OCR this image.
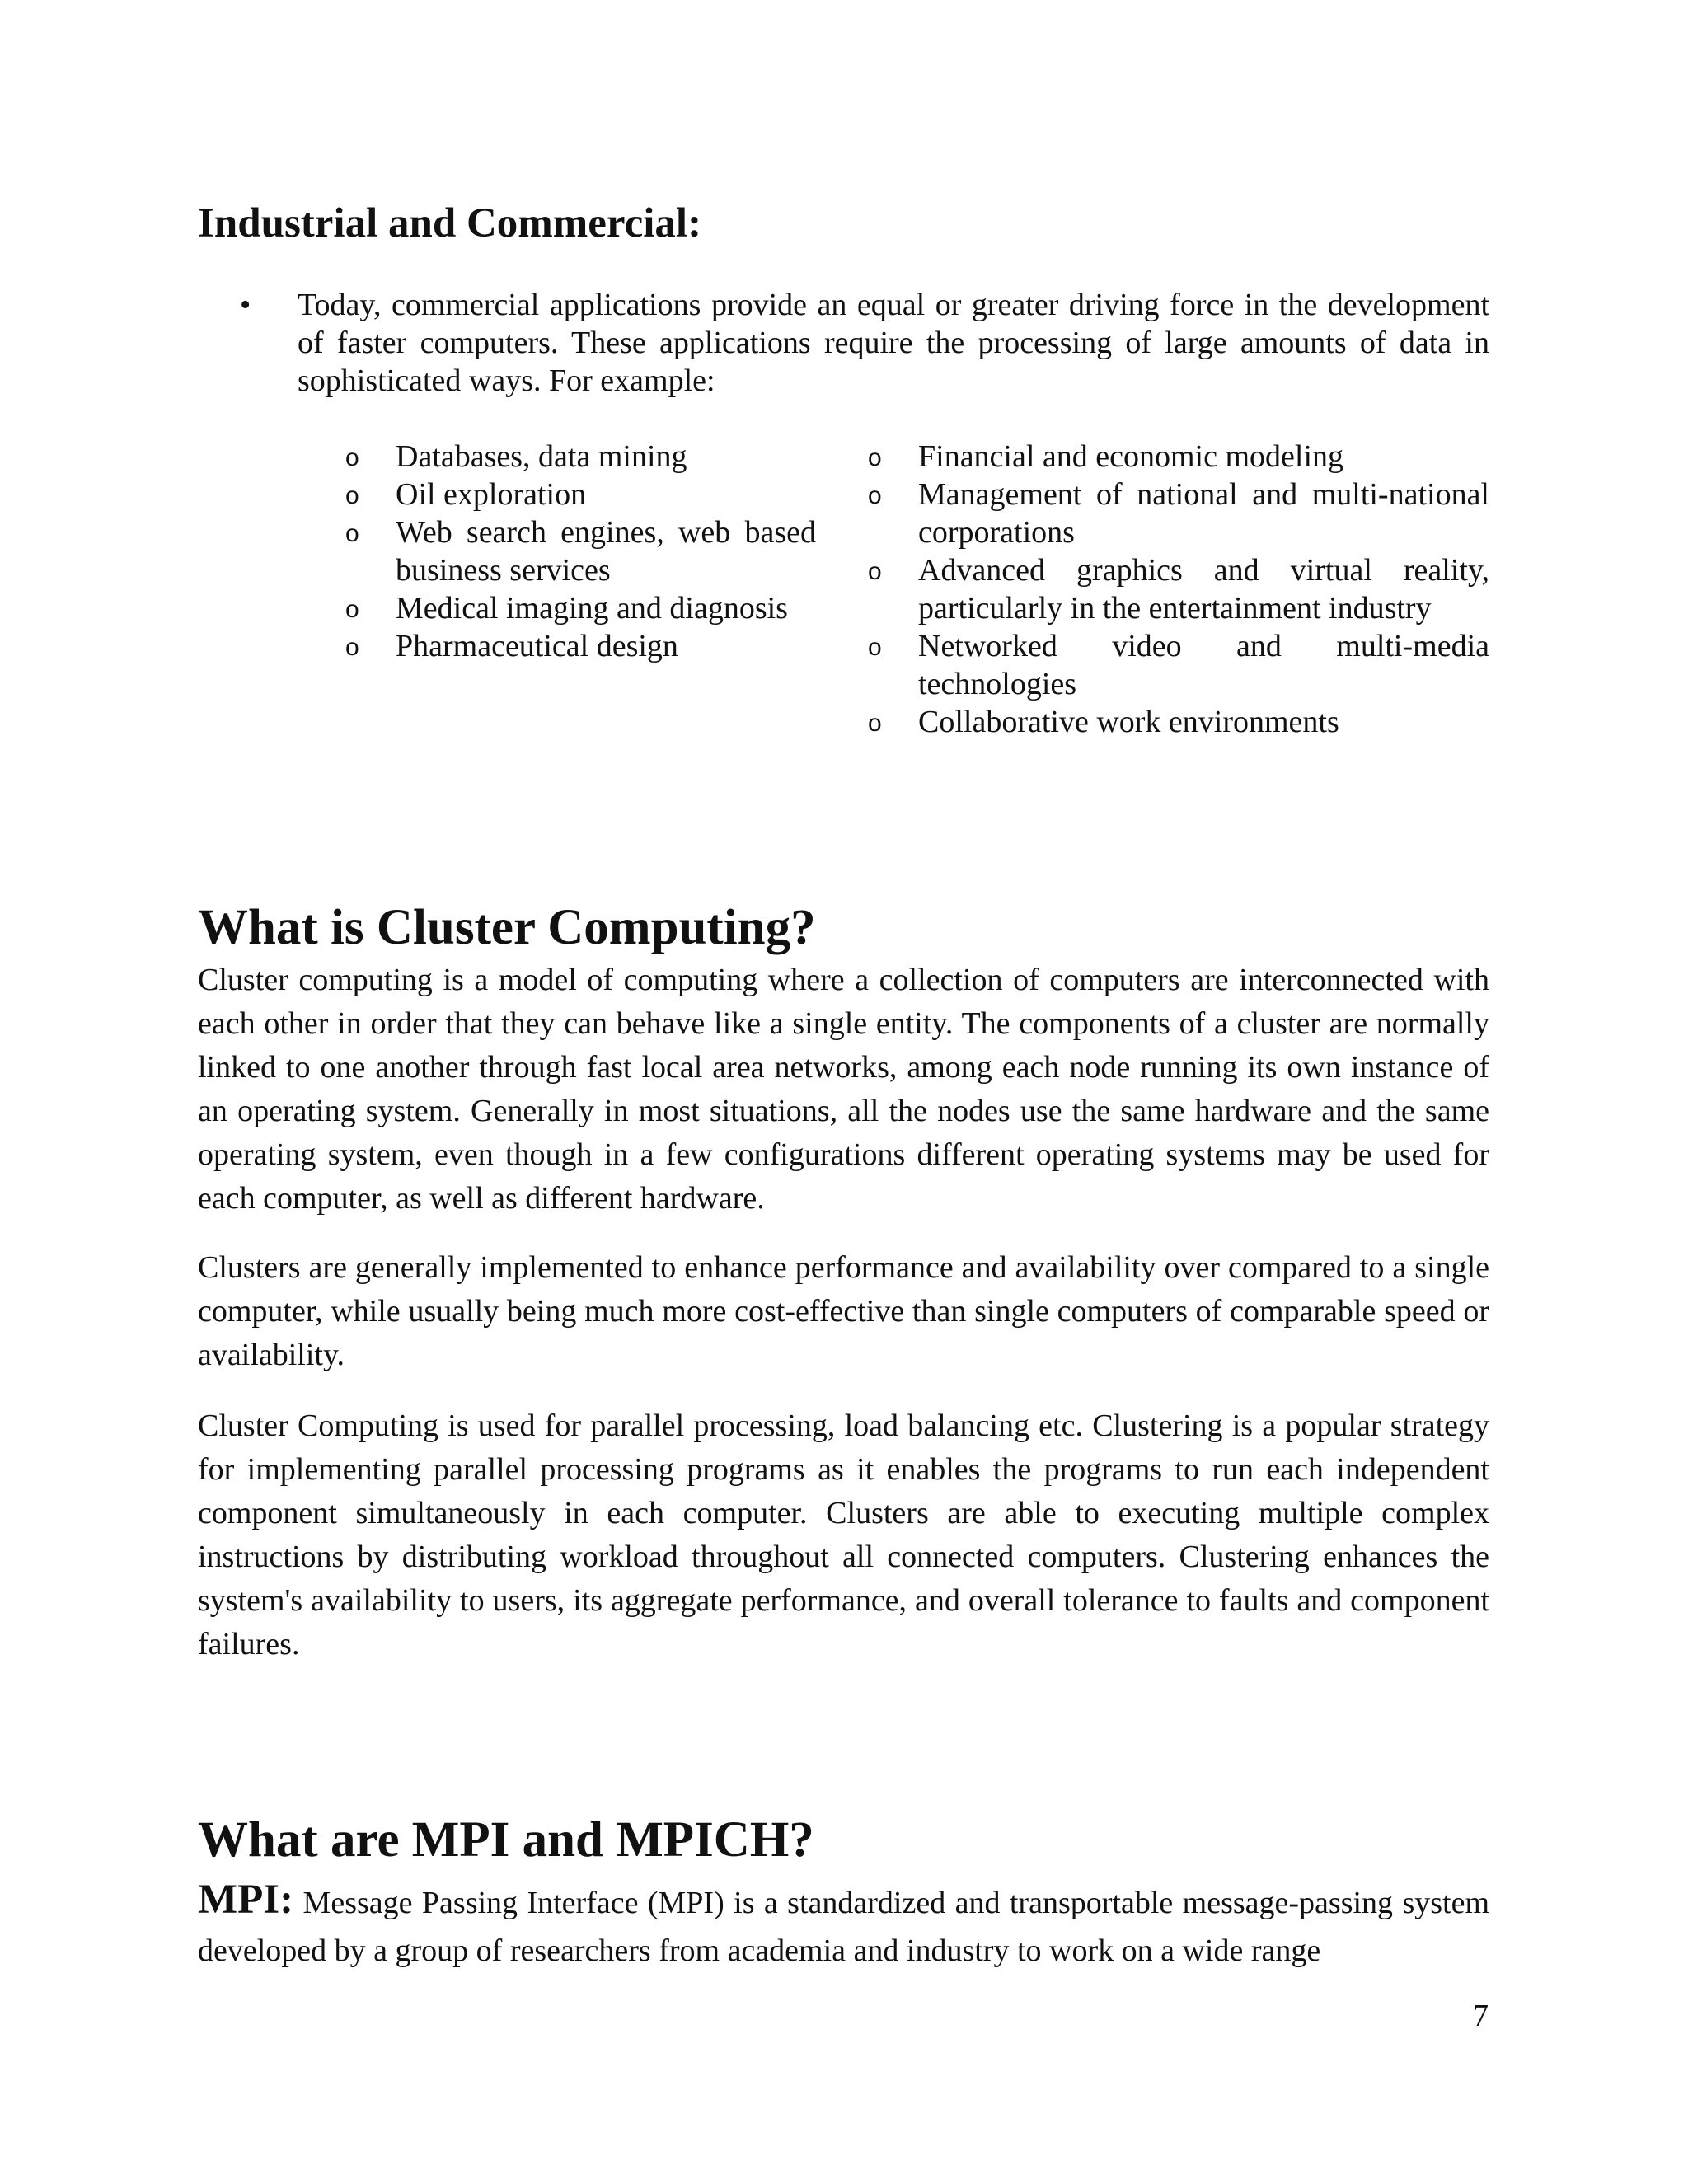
Industrial and Commercial:
• Today, commercial applications provide an equal or greater driving force in the development of faster computers. These applications require the processing of large amounts of data in sophisticated ways. For example:
o Databases, data mining
o Oil exploration
o Web search engines, web based business services
o Medical imaging and diagnosis
o Pharmaceutical design
o Financial and economic modeling
o Management of national and multi-national corporations
o Advanced graphics and virtual reality, particularly in the entertainment industry
o Networked video and multi-media technologies
o Collaborative work environments
What is Cluster Computing?

Cluster computing is a model of computing where a collection of computers are interconnected with each other in order that they can behave like a single entity. The components of a cluster are normally linked to one another through fast local area networks, among each node running its own instance of an operating system. Generally in most situations, all the nodes use the same hardware and the same operating system, even though in a few configurations different operating systems may be used for each computer, as well as different hardware.

Clusters are generally implemented to enhance performance and availability over compared to a single computer, while usually being much more cost-effective than single computers of comparable speed or availability.

Cluster Computing is used for parallel processing, load balancing etc. Clustering is a popular strategy for implementing parallel processing programs as it enables the programs to run each independent component simultaneously in each computer. Clusters are able to executing multiple complex instructions by distributing workload throughout all connected computers. Clustering enhances the system's availability to users, its aggregate performance, and overall tolerance to faults and component failures.

What are MPI and MPICH?

MPI: Message Passing Interface (MPI) is a standardized and transportable message-passing system developed by a group of researchers from academia and industry to work on a wide range

7
